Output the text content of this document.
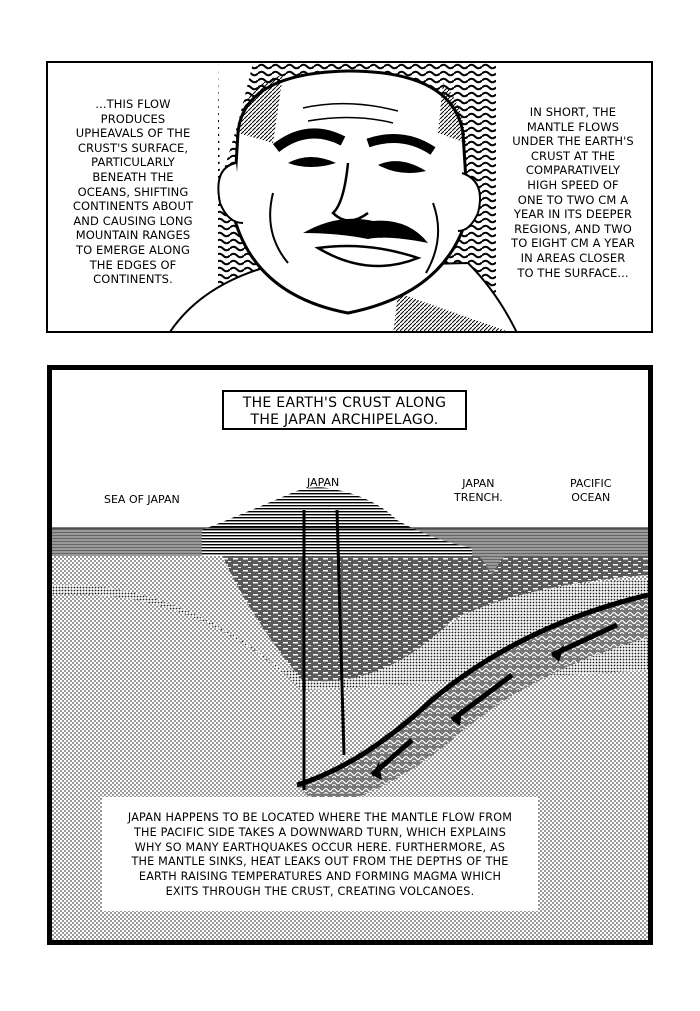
...THIS FLOW
PRODUCES
UPHEAVALS OF THE
CRUST'S SURFACE,
PARTICULARLY
BENEATH THE
OCEANS, SHIFTING
CONTINENTS ABOUT
AND CAUSING LONG
MOUNTAIN RANGES
TO EMERGE ALONG
THE EDGES OF
CONTINENTS.
IN SHORT, THE
MANTLE FLOWS
UNDER THE EARTH'S
CRUST AT THE
COMPARATIVELY
HIGH SPEED OF
ONE TO TWO CM A
YEAR IN ITS DEEPER
REGIONS, AND TWO
TO EIGHT CM A YEAR
IN AREAS CLOSER
TO THE SURFACE...
THE EARTH'S CRUST ALONG
THE JAPAN ARCHIPELAGO.
SEA OF JAPAN
JAPAN	JAPAN
TRENCH.
PACIFIC
OCEAN
JAPAN HAPPENS TO BE LOCATED WHERE THE MANTLE FLOW FROM
THE PACIFIC SIDE TAKES A DOWNWARD TURN, WHICH EXPLAINS
WHY SO MANY EARTHQUAKES OCCUR HERE. FURTHERMORE, AS
THE MANTLE SINKS, HEAT LEAKS OUT FROM THE DEPTHS OF THE
EARTH RAISING TEMPERATURES AND FORMING MAGMA WHICH
EXITS THROUGH THE CRUST, CREATING VOLCANOES.
